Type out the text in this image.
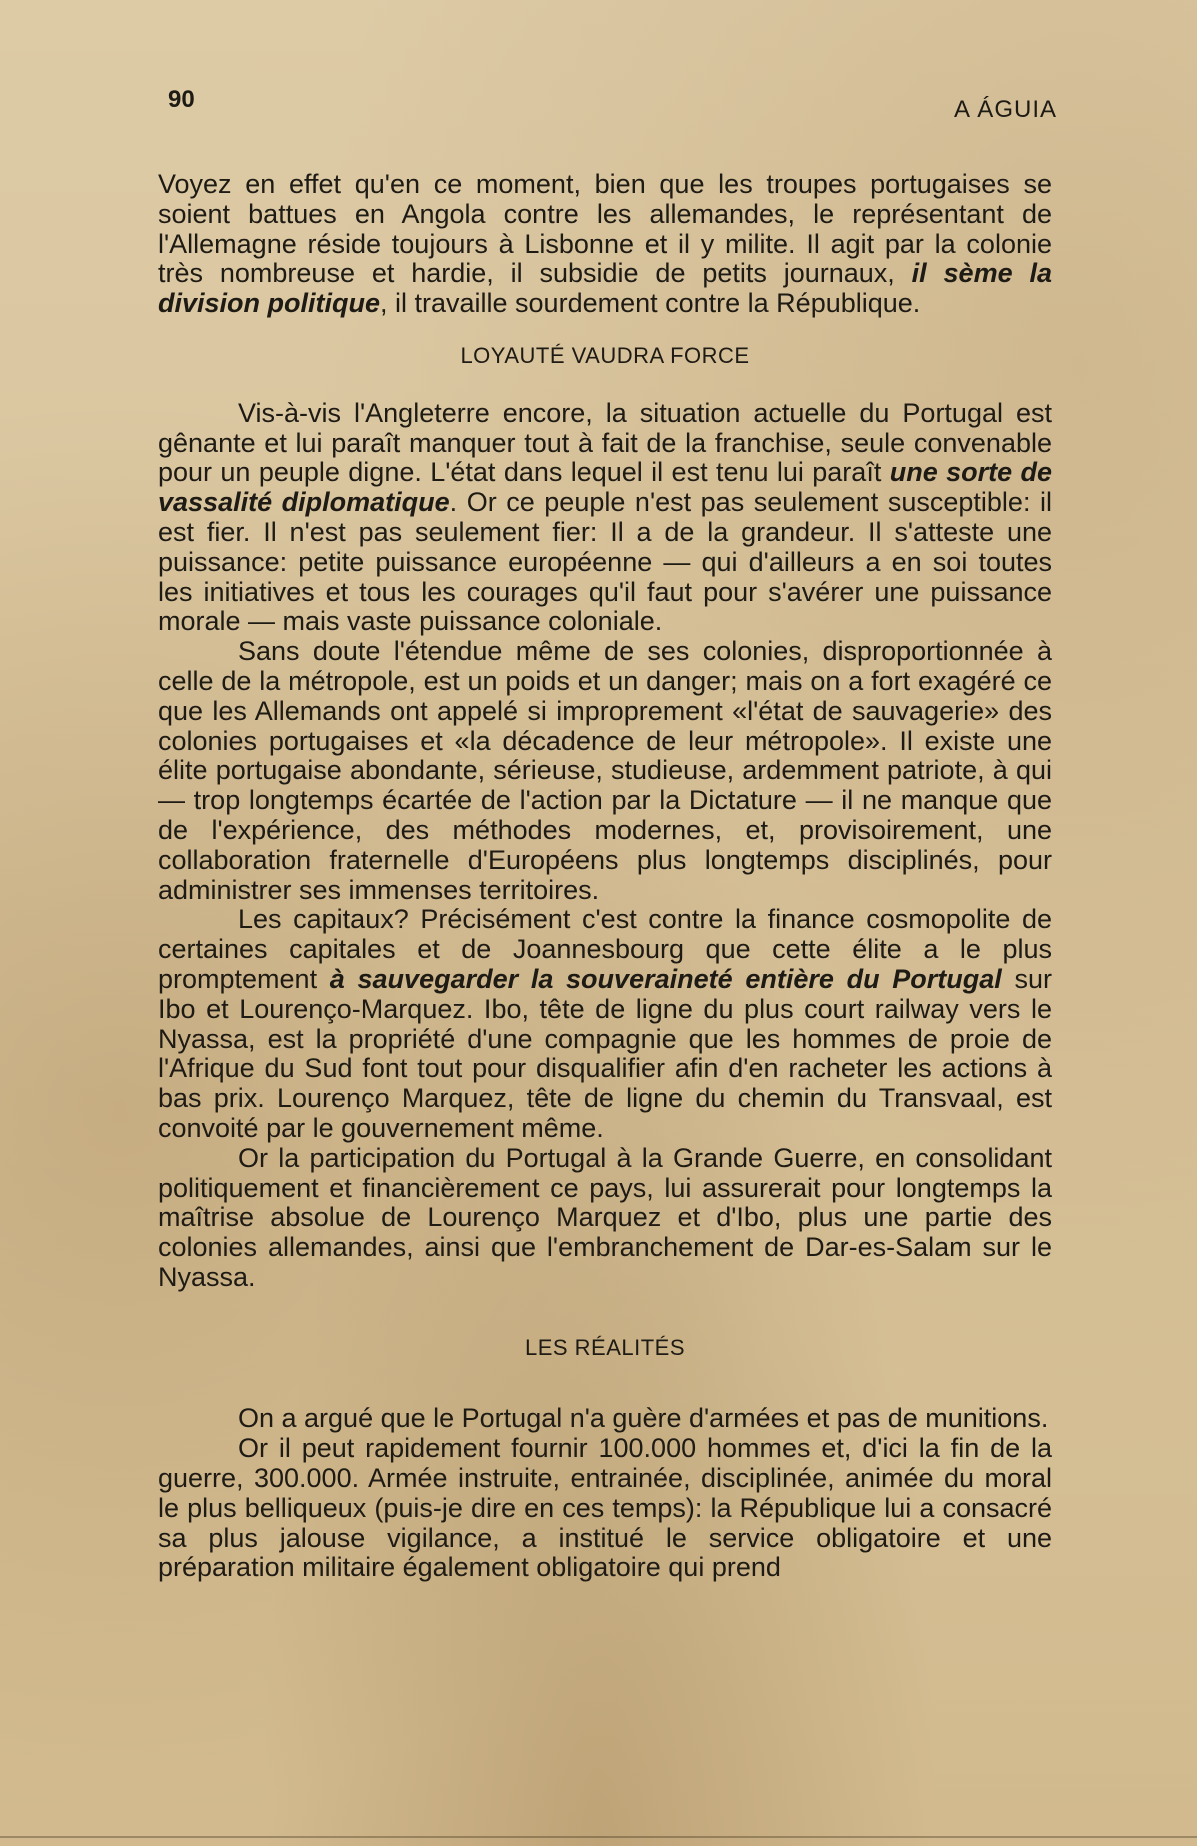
90	A ÁGUIA

Voyez en effet qu'en ce moment, bien que les troupes portugaises se soient battues en Angola contre les allemandes, le représentant de l'Allemagne réside toujours à Lisbonne et il y milite. Il agit par la colonie très nombreuse et hardie, il subsidie de petits journaux, il sème la division politique, il travaille sourdement contre la République.

LOYAUTÉ VAUDRA FORCE

Vis-à-vis l'Angleterre encore, la situation actuelle du Portugal est gênante et lui paraît manquer tout à fait de la franchise, seule convenable pour un peuple digne. L'état dans lequel il est tenu lui paraît une sorte de vassalité diplomatique. Or ce peuple n'est pas seulement susceptible: il est fier. Il n'est pas seulement fier: Il a de la grandeur. Il s'atteste une puissance: petite puissance européenne — qui d'ailleurs a en soi toutes les initiatives et tous les courages qu'il faut pour s'avérer une puissance morale — mais vaste puissance coloniale.

Sans doute l'étendue même de ses colonies, disproportionnée à celle de la métropole, est un poids et un danger; mais on a fort exagéré ce que les Allemands ont appelé si improprement «l'état de sauvagerie» des colonies portugaises et «la décadence de leur métropole». Il existe une élite portugaise abondante, sérieuse, studieuse, ardemment patriote, à qui — trop longtemps écartée de l'action par la Dictature — il ne manque que de l'expérience, des méthodes modernes, et, provisoirement, une collaboration fraternelle d'Européens plus longtemps disciplinés, pour administrer ses immenses territoires.

Les capitaux? Précisément c'est contre la finance cosmopolite de certaines capitales et de Joannesbourg que cette élite a le plus promptement à sauvegarder la souveraineté entière du Portugal sur Ibo et Lourenço-Marquez. Ibo, tête de ligne du plus court railway vers le Nyassa, est la propriété d'une compagnie que les hommes de proie de l'Afrique du Sud font tout pour disqualifier afin d'en racheter les actions à bas prix. Lourenço Marquez, tête de ligne du chemin du Transvaal, est convoité par le gouvernement même.

Or la participation du Portugal à la Grande Guerre, en consolidant politiquement et financièrement ce pays, lui assurerait pour longtemps la maîtrise absolue de Lourenço Marquez et d'Ibo, plus une partie des colonies allemandes, ainsi que l'embranchement de Dar-es-Salam sur le Nyassa.

LES RÉALITÉS

On a argué que le Portugal n'a guère d'armées et pas de munitions.

Or il peut rapidement fournir 100.000 hommes et, d'ici la fin de la guerre, 300.000. Armée instruite, entrainée, disciplinée, animée du moral le plus belliqueux (puis-je dire en ces temps): la République lui a consacré sa plus jalouse vigilance, a institué le service obligatoire et une préparation militaire également obligatoire qui prend
